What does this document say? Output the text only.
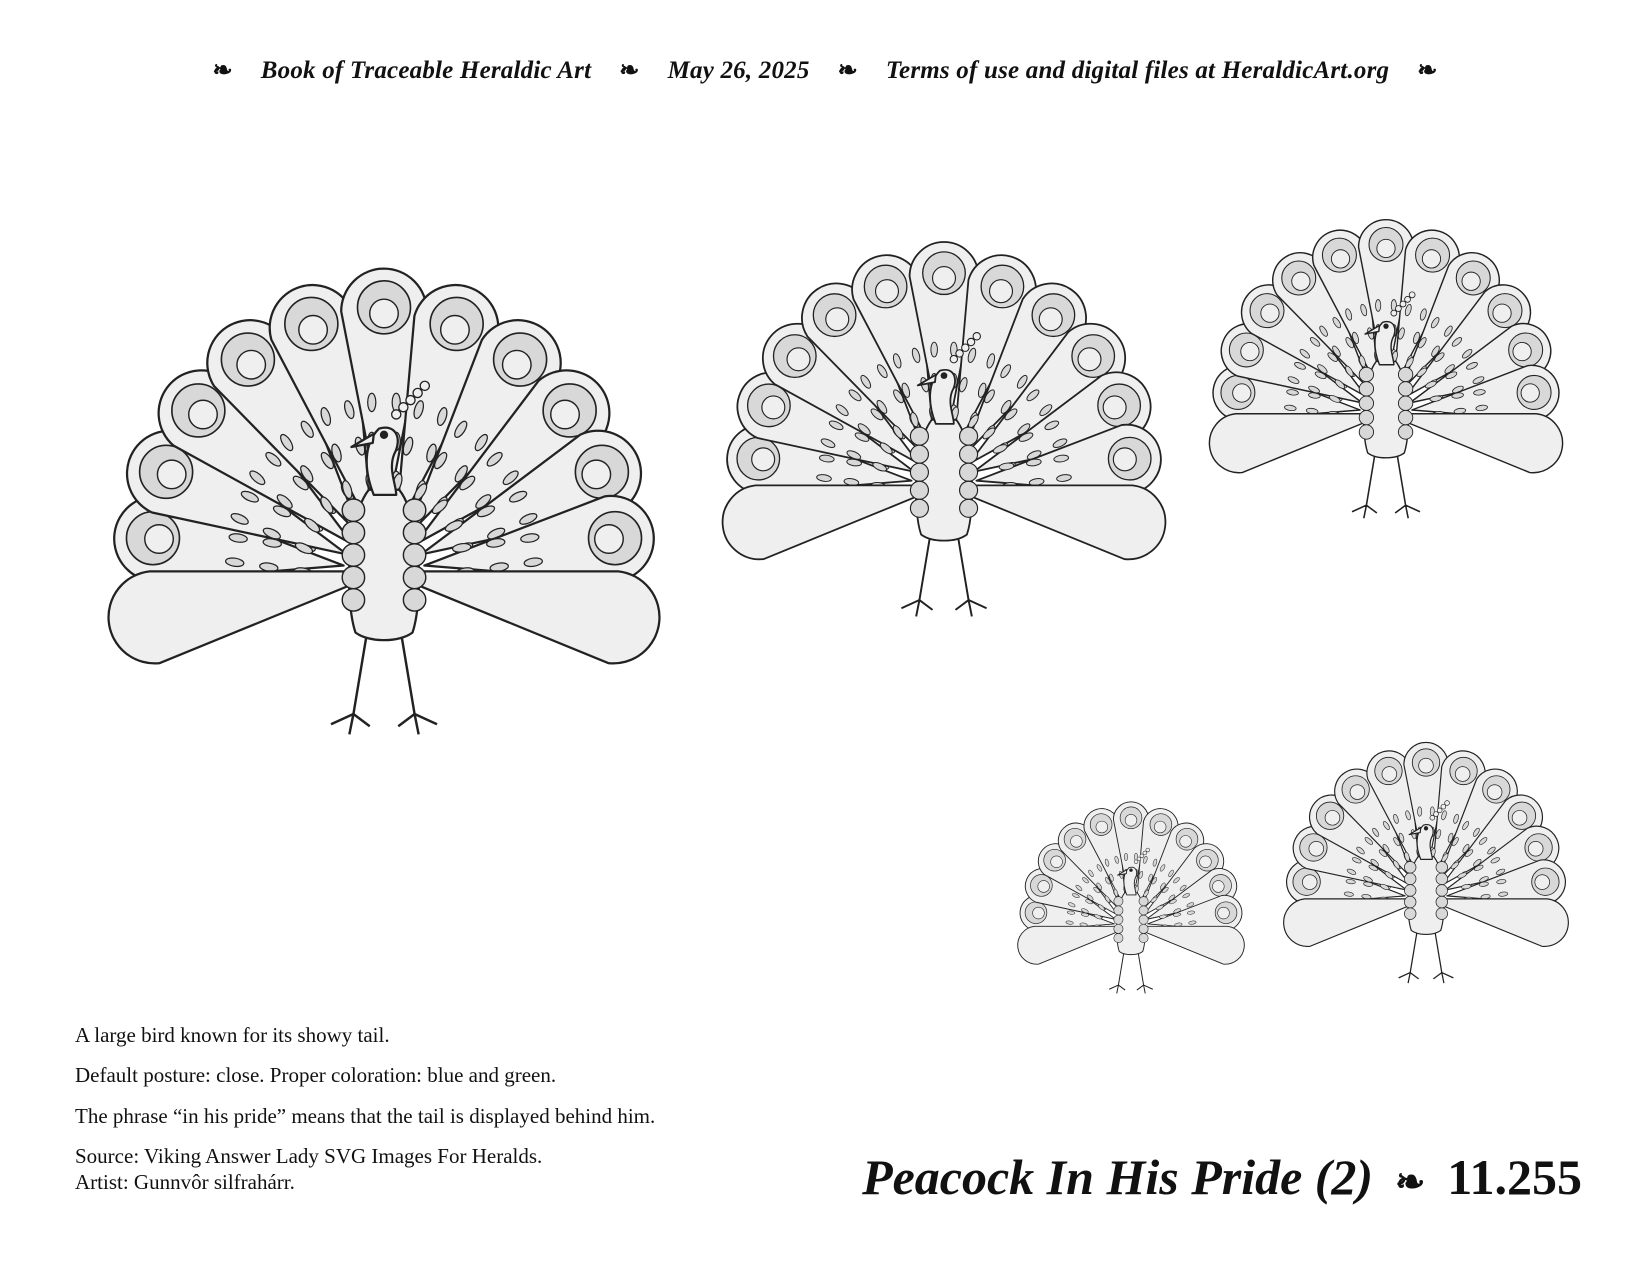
❧ Book of Traceable Heraldic Art ❧ May 26, 2025 ❧ Terms of use and digital files at HeraldicArt.org ❧

A large bird known for its showy tail.

Default posture: close. Proper coloration: blue and green.

The phrase “in his pride” means that the tail is displayed behind him.

Source: Viking Answer Lady SVG Images For Heralds.

Artist: Gunnvôr silfrahárr.	Peacock In His Pride (2) ❧ 11.255
